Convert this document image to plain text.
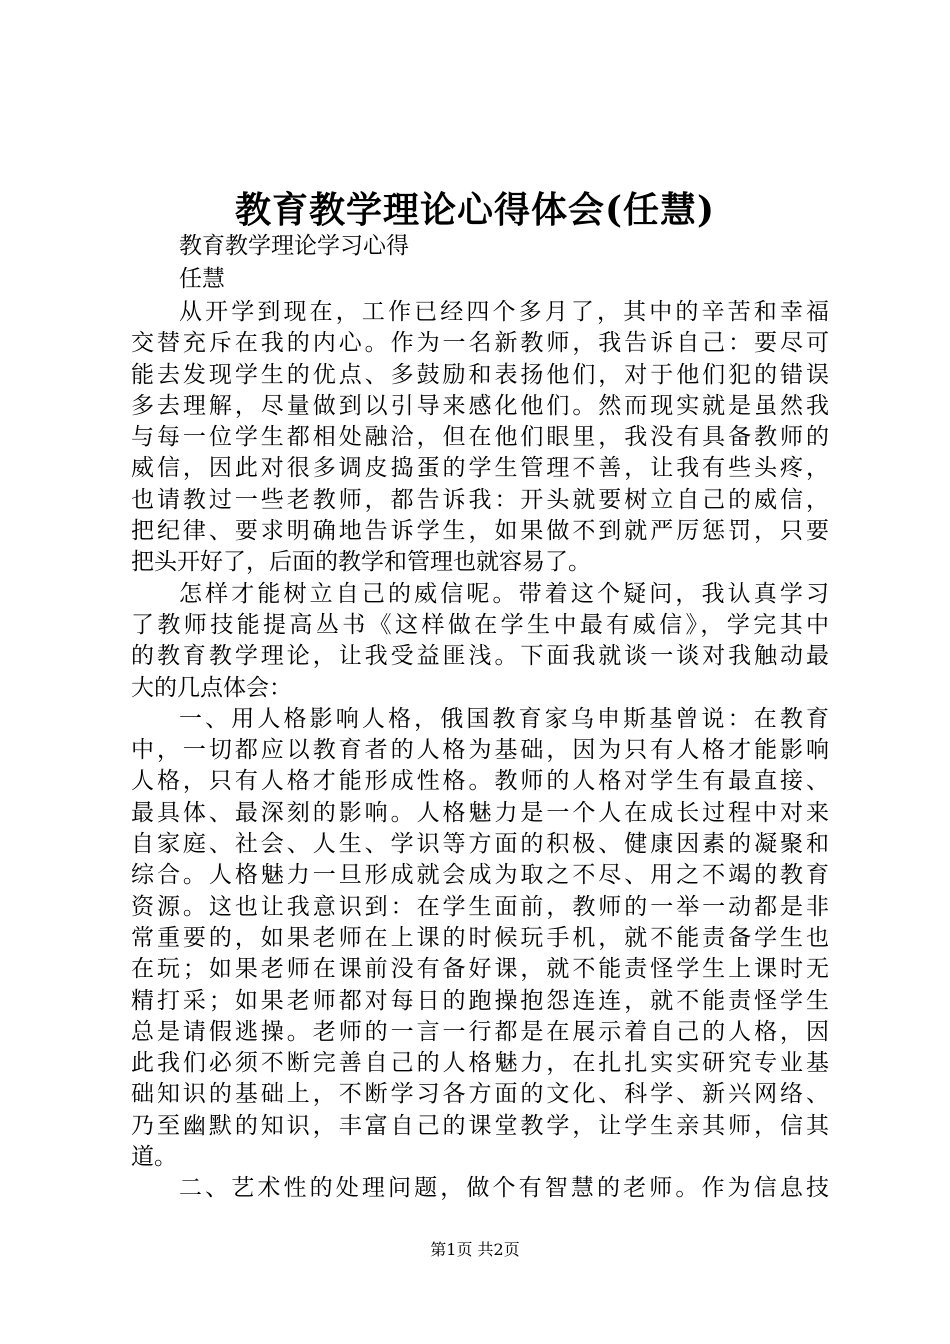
教育教学理论心得体会(任慧)
教育教学理论学习心得
任慧
从开学到现在，工作已经四个多月了，其中的辛苦和幸福
交替充斥在我的内心。作为一名新教师，我告诉自己：要尽可
能去发现学生的优点、多鼓励和表扬他们，对于他们犯的错误
多去理解，尽量做到以引导来感化他们。然而现实就是虽然我
与每一位学生都相处融洽，但在他们眼里，我没有具备教师的
威信，因此对很多调皮捣蛋的学生管理不善，让我有些头疼，
也请教过一些老教师，都告诉我：开头就要树立自己的威信，
把纪律、要求明确地告诉学生，如果做不到就严厉惩罚，只要
把头开好了，后面的教学和管理也就容易了。
怎样才能树立自己的威信呢。带着这个疑问，我认真学习
了教师技能提高丛书《这样做在学生中最有威信》，学完其中
的教育教学理论，让我受益匪浅。下面我就谈一谈对我触动最
大的几点体会：
一、用人格影响人格，俄国教育家乌申斯基曾说：在教育
中，一切都应以教育者的人格为基础，因为只有人格才能影响
人格，只有人格才能形成性格。教师的人格对学生有最直接、
最具体、最深刻的影响。人格魅力是一个人在成长过程中对来
自家庭、社会、人生、学识等方面的积极、健康因素的凝聚和
综合。人格魅力一旦形成就会成为取之不尽、用之不竭的教育
资源。这也让我意识到：在学生面前，教师的一举一动都是非
常重要的，如果老师在上课的时候玩手机，就不能责备学生也
在玩；如果老师在课前没有备好课，就不能责怪学生上课时无
精打采；如果老师都对每日的跑操抱怨连连，就不能责怪学生
总是请假逃操。老师的一言一行都是在展示着自己的人格，因
此我们必须不断完善自己的人格魅力，在扎扎实实研究专业基
础知识的基础上，不断学习各方面的文化、科学、新兴网络、
乃至幽默的知识，丰富自己的课堂教学，让学生亲其师，信其
道。
二、艺术性的处理问题，做个有智慧的老师。作为信息技
第1页 共2页
